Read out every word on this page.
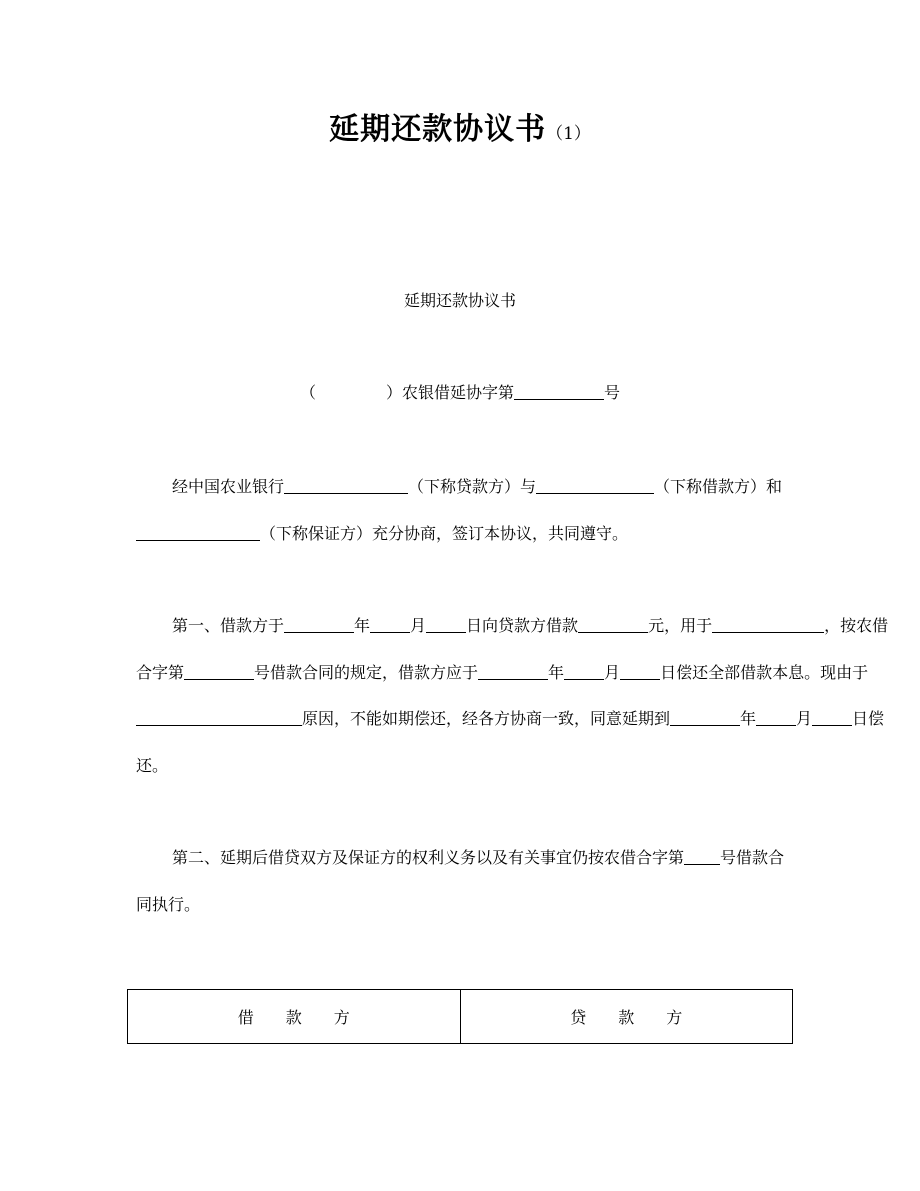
延期还款协议书（1）
延期还款协议书
（	）农银借延协字第	号
经中国农业银行	（下称贷款方）与	（下称借款方）和（下称保证方）充分协商，签订本协议，共同遵守。
第一、借款方于	年	月	日向贷款方借款	元，用于	，按农借合字第	号借款合同的规定，借款方应于	年	月	日偿还全部借款本息。现由于原因，不能如期偿还，经各方协商一致，同意延期到	年	月	日偿还。
第二、延期后借贷双方及保证方的权利义务以及有关事宜仍按农借合字第 号借款合同执行。
借　　款　　方	贷　　款　　方
